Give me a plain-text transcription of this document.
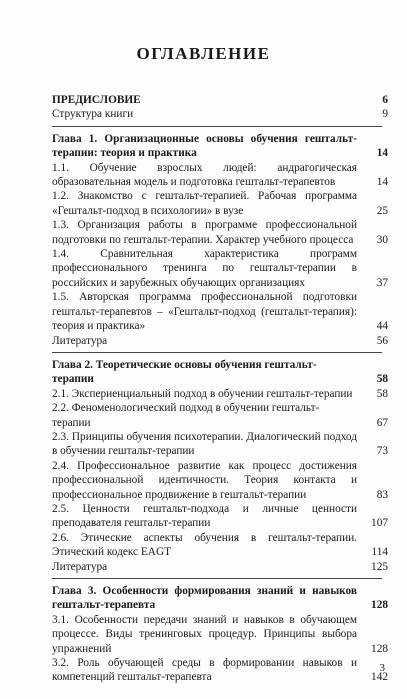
ОГЛАВЛЕНИЕ
ПРЕДИСЛОВИЕ	6
Структура книги	9
Глава 1. Организационные основы обучения гештальт-терапии: теория и практика	14
1.1. Обучение взрослых людей: андрагогическая образовательная модель и подготовка гештальт-терапевтов	14
1.2. Знакомство с гештальт-терапией. Рабочая программа «Гештальт-подход в психологии» в вузе	25
1.3. Организация работы в программе профессиональной подготовки по гештальт-терапии. Характер учебного процесса	30
1.4. Сравнительная характеристика программ профессионального тренинга по гештальт-терапии в российских и зарубежных обучающих организациях	37
1.5. Авторская программа профессиональной подготовки гештальт-терапевтов – «Гештальт-подход (гештальт-терапия): теория и практика»	44
Литература	56
Глава 2. Теоретические основы обучения гештальт-терапии	58
2.1. Экспериенциальный подход в обучении гештальт-терапии	58
2.2. Феноменологический подход в обучении гештальт-терапии	67
2.3. Принципы обучения психотерапии. Диалогический подход в обучении гештальт-терапии	73
2.4. Профессиональное развитие как процесс достижения профессиональной идентичности. Теория контакта и профессиональное продвижение в гештальт-терапии	83
2.5. Ценности гештальт-подхода и личные ценности преподавателя гештальт-терапии	107
2.6. Этические аспекты обучения в гештальт-терапии. Этический кодекс EAGT	114
Литература	125
Глава 3. Особенности формирования знаний и навыков гештальт-терапевта	128
3.1. Особенности передачи знаний и навыков в обучающем процессе. Виды тренинговых процедур. Принципы выбора упражнений	128
3.2. Роль обучающей среды в формировании навыков и компетенций гештальт-терапевта	142
3
